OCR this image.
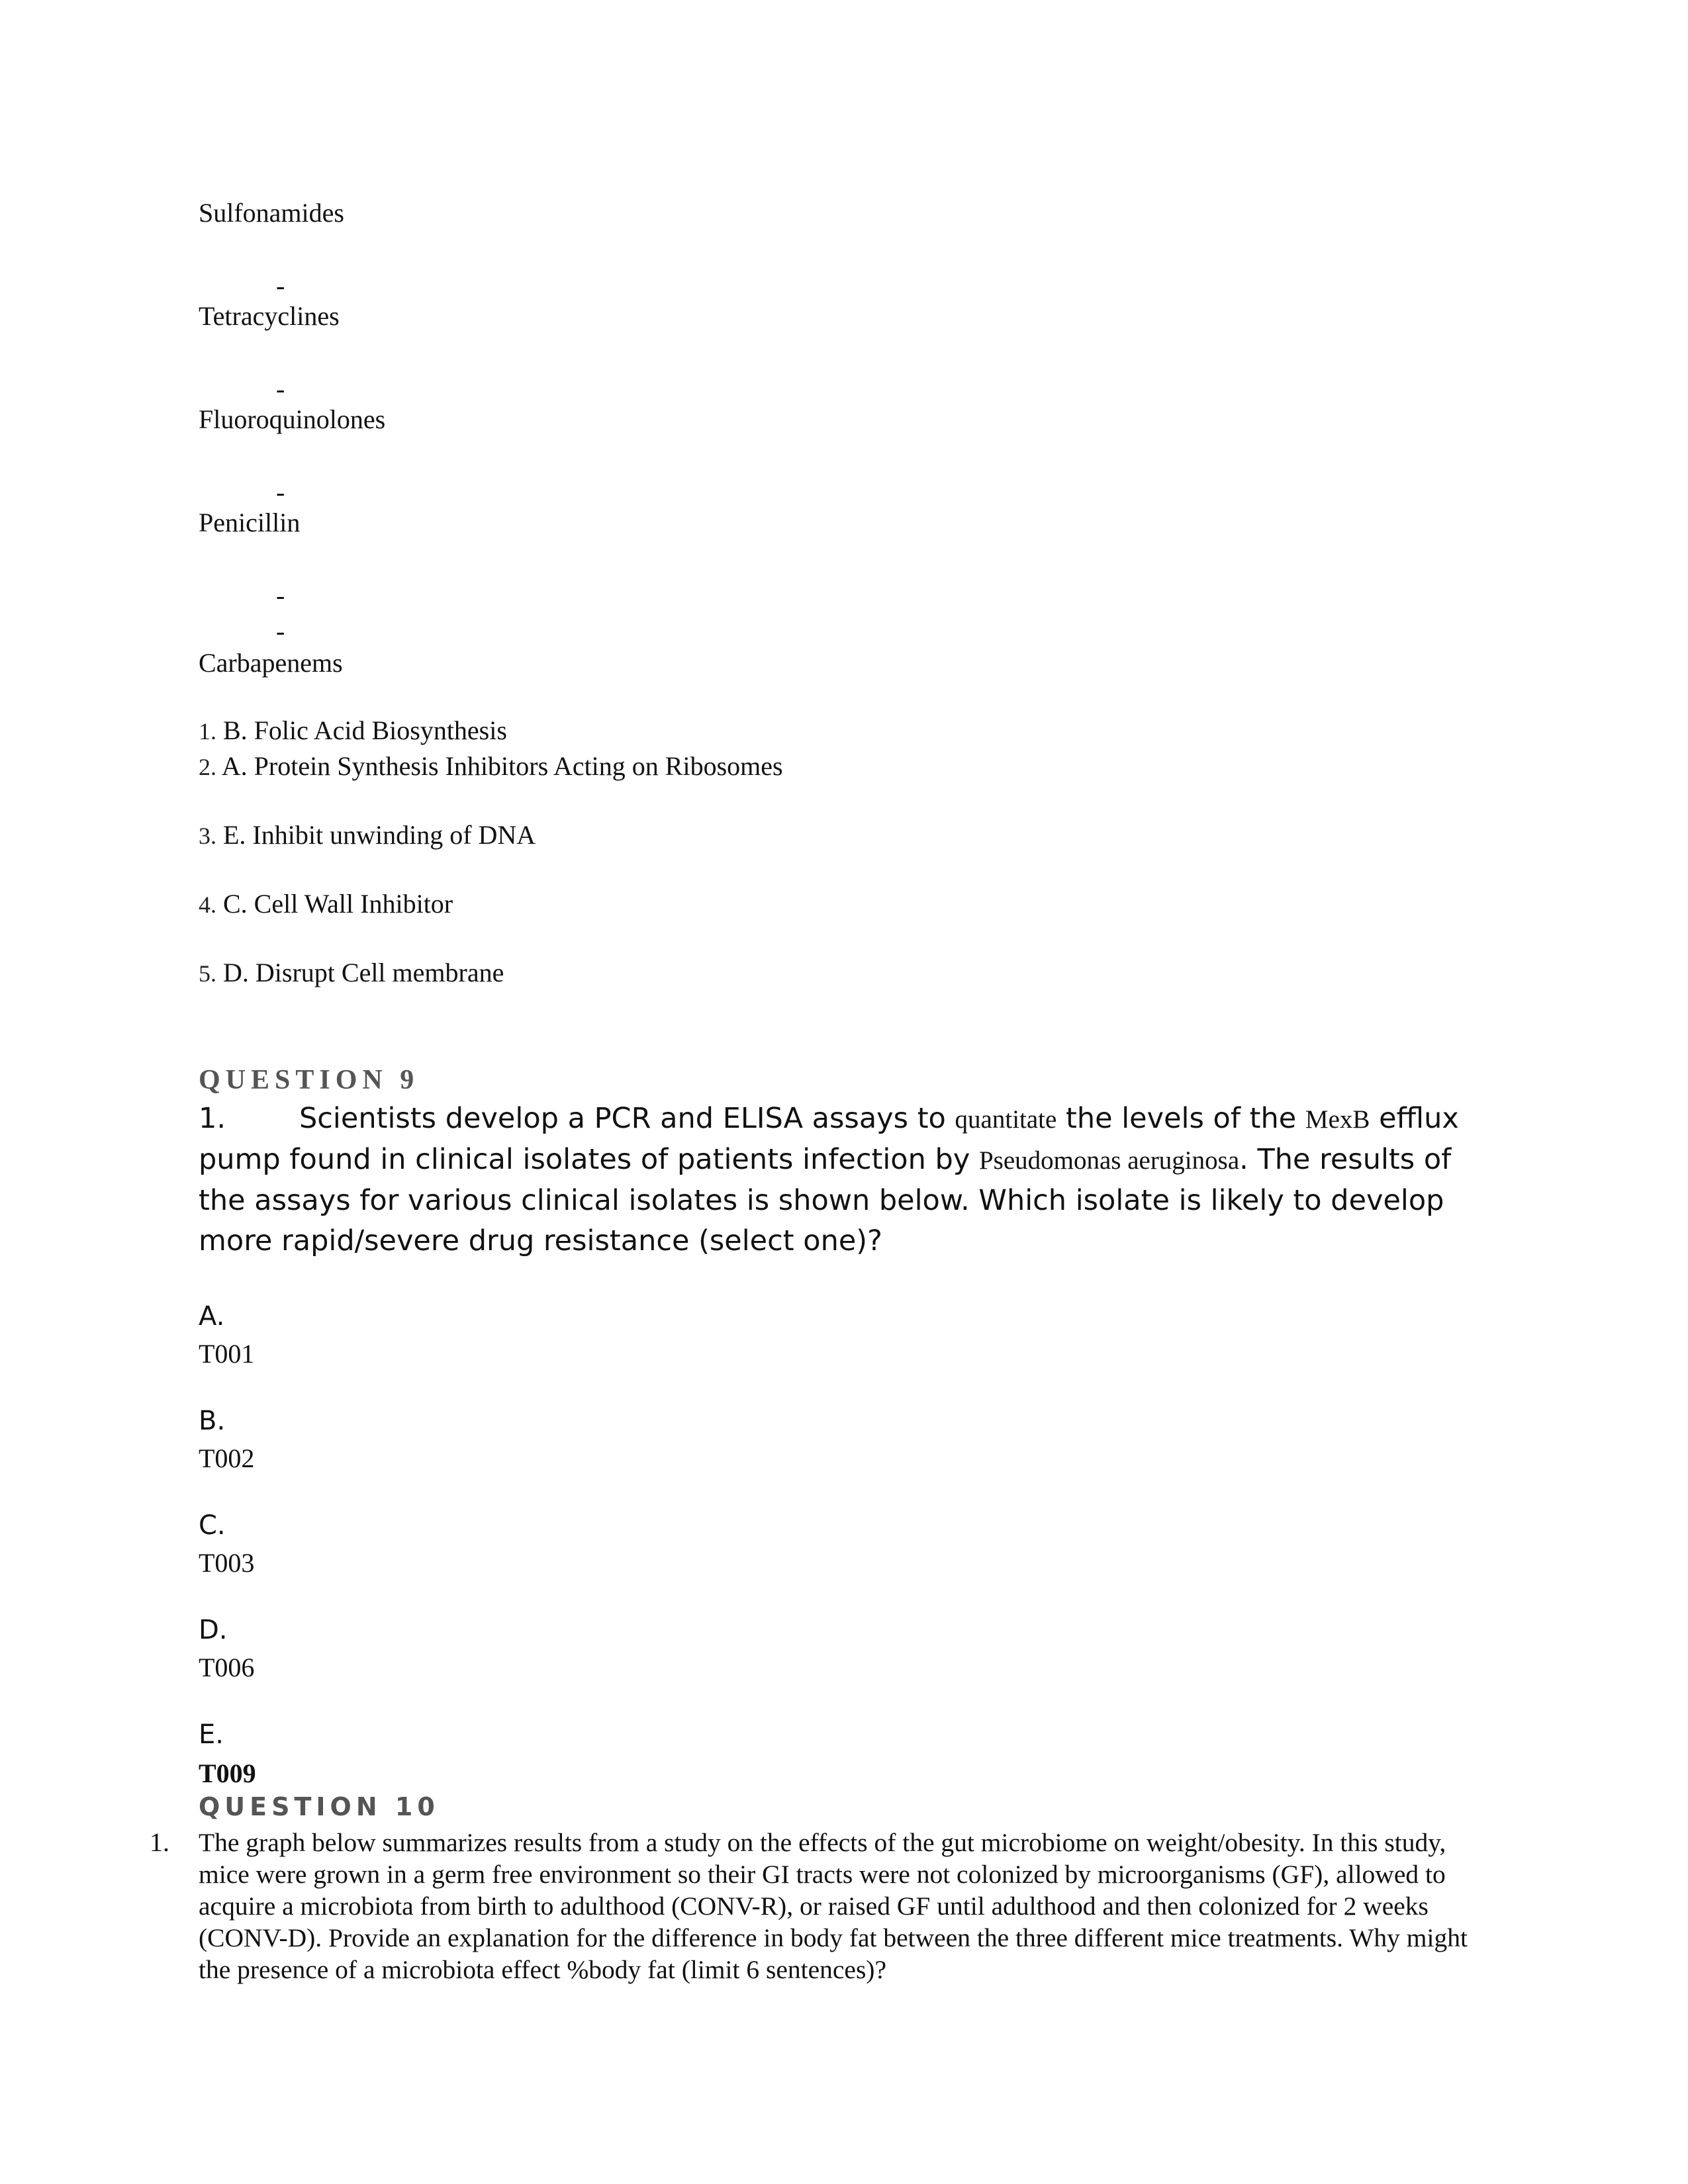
Sulfonamides
-
Tetracyclines
-
Fluoroquinolones
-
Penicillin
-
-
Carbapenems
1. B. Folic Acid Biosynthesis
2. A. Protein Synthesis Inhibitors Acting on Ribosomes
3. E. Inhibit unwinding of DNA
4. C. Cell Wall Inhibitor
5. D. Disrupt Cell membrane
QUESTION 9
1.	Scientists develop a PCR and ELISA assays to quantitate the levels of the MexB efflux pump found in clinical isolates of patients infection by Pseudomonas aeruginosa. The results of the assays for various clinical isolates is shown below. Which isolate is likely to develop more rapid/severe drug resistance (select one)?
A.
T001
B.
T002
C.
T003
D.
T006
E.
T009
QUESTION 10
1. The graph below summarizes results from a study on the effects of the gut microbiome on weight/obesity. In this study, mice were grown in a germ free environment so their GI tracts were not colonized by microorganisms (GF), allowed to acquire a microbiota from birth to adulthood (CONV-R), or raised GF until adulthood and then colonized for 2 weeks (CONV-D). Provide an explanation for the difference in body fat between the three different mice treatments. Why might the presence of a microbiota effect %body fat (limit 6 sentences)?
